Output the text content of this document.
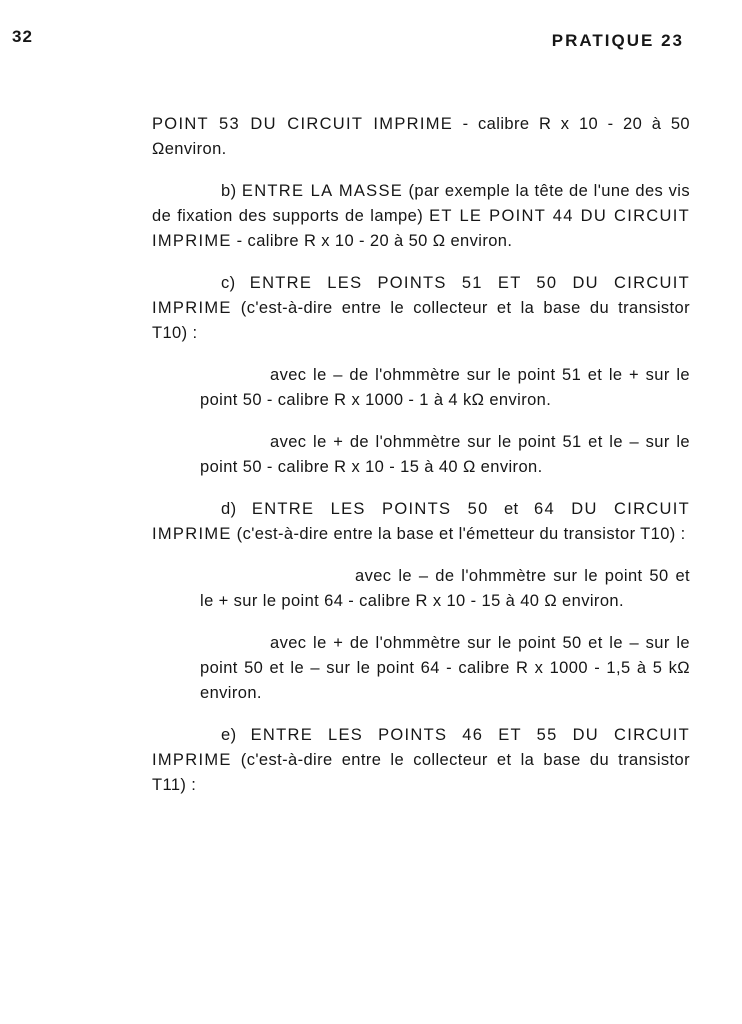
32	PRATIQUE 23

POINT 53 DU CIRCUIT IMPRIME - calibre R x 10 - 20 à 50 Ωenviron.

b) ENTRE LA MASSE (par exemple la tête de l'une des vis de fixation des supports de lampe) ET LE POINT 44 DU CIRCUIT IMPRIME - calibre R x 10 - 20 à 50 Ω environ.

c) ENTRE LES POINTS 51 ET 50 DU CIRCUIT IMPRIME (c'est-à-dire entre le collecteur et la base du transistor T10) :

avec le – de l'ohmmètre sur le point 51 et le + sur le point 50 - calibre R x 1000 - 1 à 4 kΩ environ.

avec le + de l'ohmmètre sur le point 51 et le – sur le point 50 - calibre R x 10 - 15 à 40 Ω environ.

d) ENTRE LES POINTS 50 et 64 DU CIRCUIT IMPRIME (c'est-à-dire entre la base et l'émetteur du transistor T10) :

avec le – de l'ohmmètre sur le point 50 et le + sur le point 64 - calibre R x 10 - 15 à 40 Ω environ.

avec le + de l'ohmmètre sur le point 50 et le – sur le point 50 et le – sur le point 64 - calibre R x 1000 - 1,5 à 5 kΩ environ.

e) ENTRE LES POINTS 46 ET 55 DU CIRCUIT IMPRIME (c'est-à-dire entre le collecteur et la base du transistor T11) :
